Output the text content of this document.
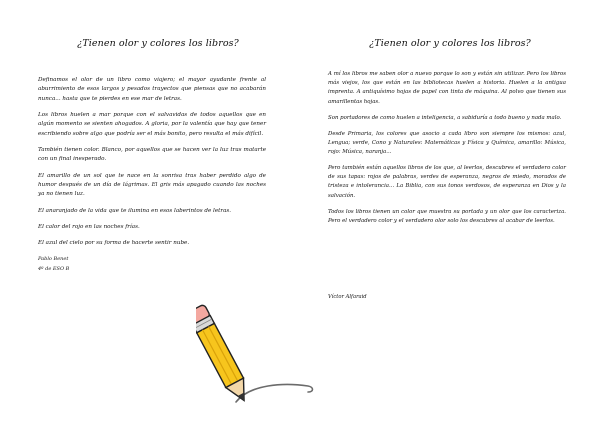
¿Tienen olor y colores los libros?

Definamos el olor de un libro como viajero; el mayor ayudante frente al aburrimiento de esos largos y pesados trayectos que piensas que no acabarán nunca... hasta que te pierdes en ese mar de letras.

Los libros huelen a mar porque con el salvavidas de todos aquellos que en algún momento se sienten ahogados. A gloria, por la valentía que hay que tener escribiendo sobre algo que podría ser el más bonito, pero resulta el más difícil.

También tienen color. Blanco, por aquellos que se hacen ver la luz tras matarte con un final inesperado.

El amarillo de un sol que te nace en la sonrisa tras haber perdido algo de humor después de un día de lágrimas. El gris más apagado cuando las noches ya no tienen luz.

El anaranjado de la vida que te ilumina en esos laberintos de letras.

El calor del rojo en las noches frías.

El azul del cielo por su forma de hacerte sentir nube.

Pablo Benet
4º de ESO B
¿Tienen olor y colores los libros?

A mí los libros me saben olor a nuevo porque lo son y están sin utilizar. Pero los libros más viejos, los que están en las bibliotecas huelen a historia. Huelen a la antigua imprenta. A antiquísimo hojas de papel con tinta de máquina. Al polvo que tienen sus amarillentas hojas.

Son portadores de como huelen a inteligencia, a sabiduría a todo bueno y nada malo.

Desde Primaria, los colores que asocio a cada libro son siempre los mismos: azul, Lengua; verde, Cono y Naturales: Matemáticas y Física y Química, amarillo: Música, rojo: Música, naranja...

Pero también están aquellos libros de los que, al leerlos, descubres el verdadero color de sus tapas: rojos de palabras, verdes de esperanza, negros de miedo, morados de tristeza e intolerancia... La Biblia, con sus tonos verdosos, de esperanza en Dios y la salvación.

Todos los libros tienen un color que muestra su portada y un olor que los caracteriza. Pero el verdadero color y el verdadero olor solo los descubres al acabar de leerlos.

Víctor Alfaraid
